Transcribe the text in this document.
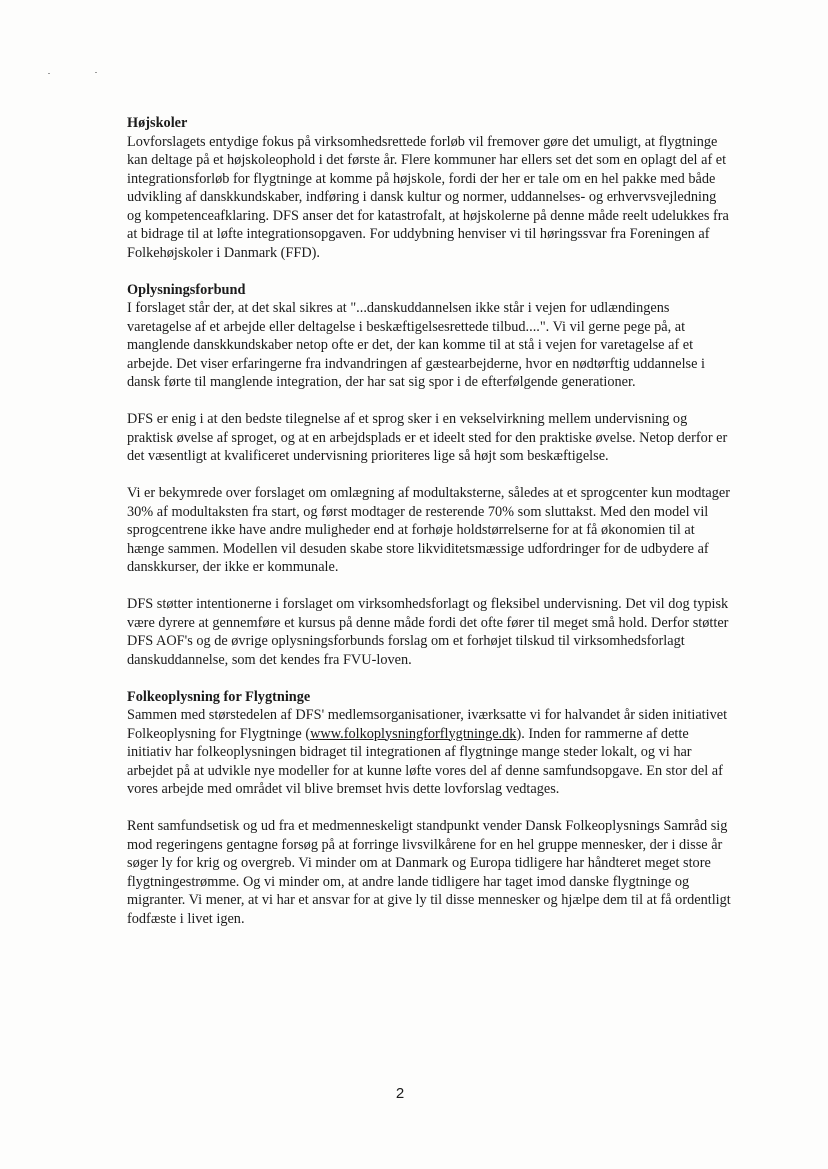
Højskoler
Lovforslagets entydige fokus på virksomhedsrettede forløb vil fremover gøre det umuligt, at flygtninge kan deltage på et højskoleophold i det første år. Flere kommuner har ellers set det som en oplagt del af et integrationsforløb for flygtninge at komme på højskole, fordi der her er tale om en hel pakke med både udvikling af danskkundskaber, indføring i dansk kultur og normer, uddannelses- og erhvervsvejledning og kompetenceafklaring. DFS anser det for katastrofalt, at højskolerne på denne måde reelt udelukkes fra at bidrage til at løfte integrationsopgaven. For uddybning henviser vi til høringssvar fra Foreningen af Folkehøjskoler i Danmark (FFD).
Oplysningsforbund
I forslaget står der, at det skal sikres at "...danskuddannelsen ikke står i vejen for udlændingens varetagelse af et arbejde eller deltagelse i beskæftigelsesrettede tilbud....". Vi vil gerne pege på, at manglende danskkundskaber netop ofte er det, der kan komme til at stå i vejen for varetagelse af et arbejde. Det viser erfaringerne fra indvandringen af gæstearbejderne, hvor en nødtørftig uddannelse i dansk førte til manglende integration, der har sat sig spor i de efterfølgende generationer.

DFS er enig i at den bedste tilegnelse af et sprog sker i en vekselvirkning mellem undervisning og praktisk øvelse af sproget, og at en arbejdsplads er et ideelt sted for den praktiske øvelse. Netop derfor er det væsentligt at kvalificeret undervisning prioriteres lige så højt som beskæftigelse.

Vi er bekymrede over forslaget om omlægning af modultaksterne, således at et sprogcenter kun modtager 30% af modultaksten fra start, og først modtager de resterende 70% som sluttakst. Med den model vil sprogcentrene ikke have andre muligheder end at forhøje holdstørrelserne for at få økonomien til at hænge sammen. Modellen vil desuden skabe store likviditetsmæssige udfordringer for de udbydere af danskkurser, der ikke er kommunale.

DFS støtter intentionerne i forslaget om virksomhedsforlagt og fleksibel undervisning. Det vil dog typisk være dyrere at gennemføre et kursus på denne måde fordi det ofte fører til meget små hold. Derfor støtter DFS AOF's og de øvrige oplysningsforbunds forslag om et forhøjet tilskud til virksomhedsforlagt danskuddannelse, som det kendes fra FVU-loven.

Folkeoplysning for Flygtninge
Sammen med størstedelen af DFS' medlemsorganisationer, iværksatte vi for halvandet år siden initiativet Folkeoplysning for Flygtninge (www.folkoplysningforflygtninge.dk). Inden for rammerne af dette initiativ har folkeoplysningen bidraget til integrationen af flygtninge mange steder lokalt, og vi har arbejdet på at udvikle nye modeller for at kunne løfte vores del af denne samfundsopgave. En stor del af vores arbejde med området vil blive bremset hvis dette lovforslag vedtages.

Rent samfundsetisk og ud fra et medmenneskeligt standpunkt vender Dansk Folkeoplysnings Samråd sig mod regeringens gentagne forsøg på at forringe livsvilkårene for en hel gruppe mennesker, der i disse år søger ly for krig og overgreb. Vi minder om at Danmark og Europa tidligere har håndteret meget store flygtningestrømme. Og vi minder om, at andre lande tidligere har taget imod danske flygtninge og migranter. Vi mener, at vi har et ansvar for at give ly til disse mennesker og hjælpe dem til at få ordentligt fodfæste i livet igen.

2
